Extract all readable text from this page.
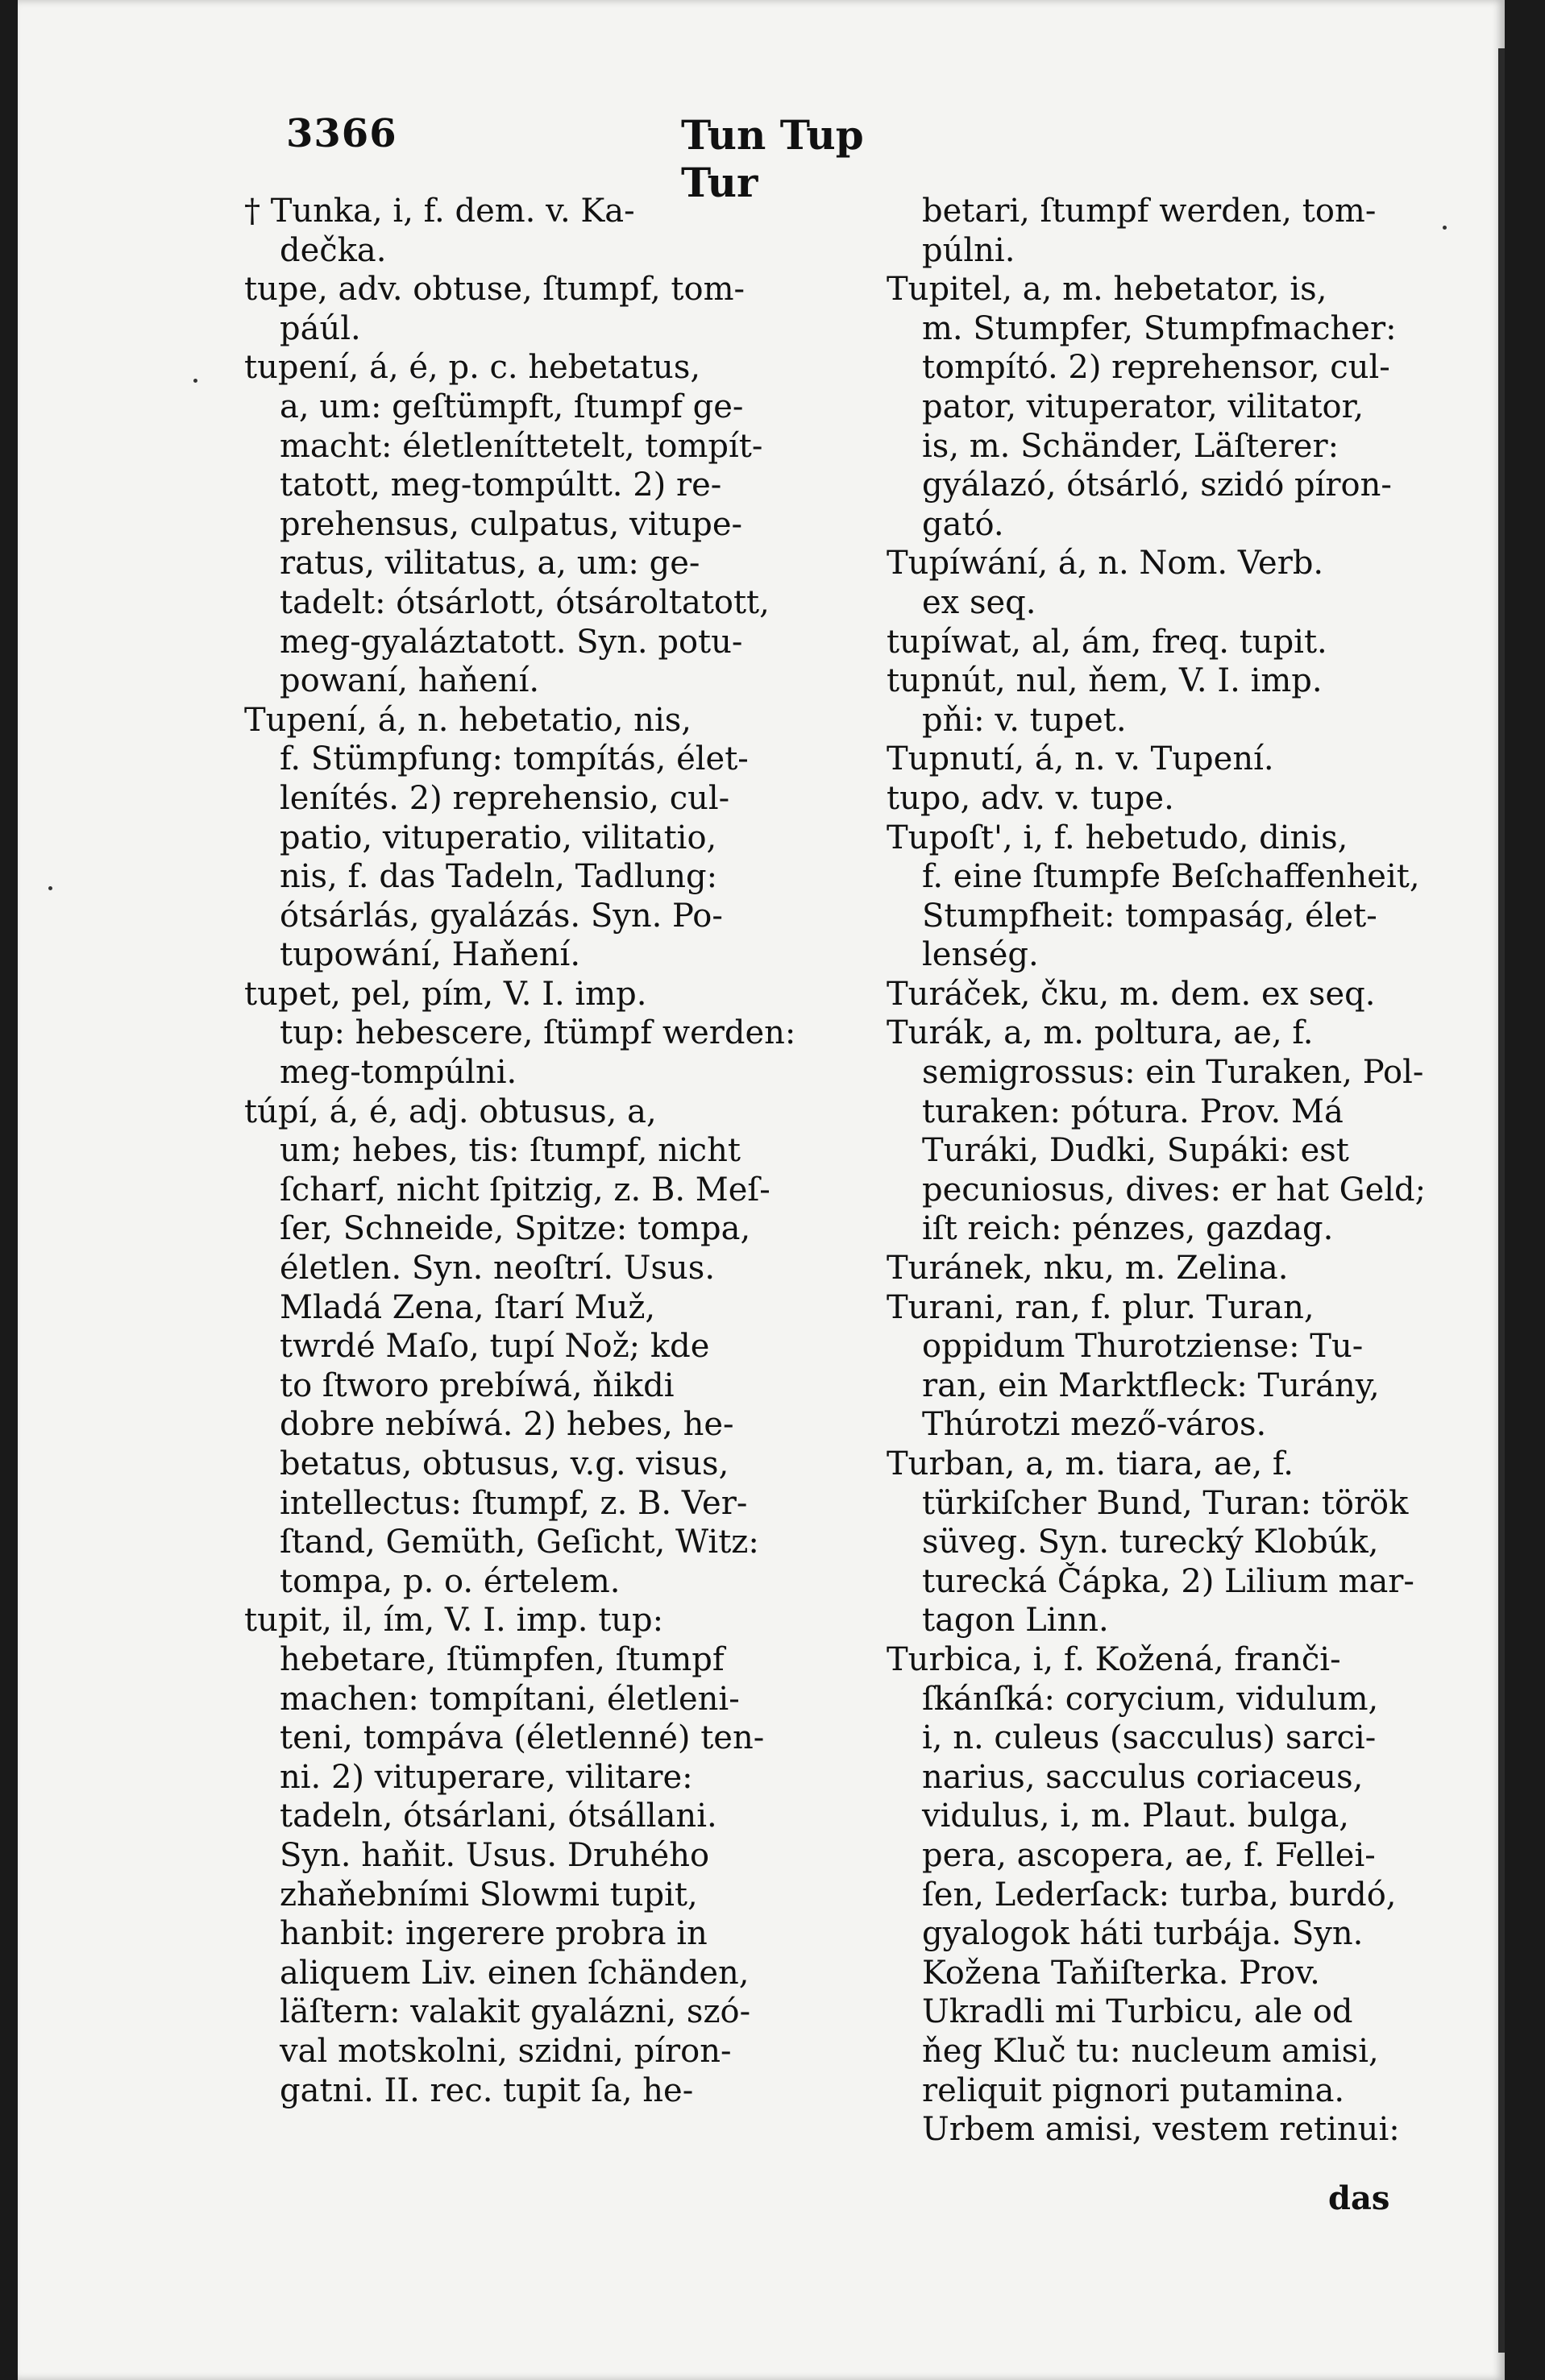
3366	Tun Tup Tur
† Tunka, i, f. dem. v. Ka-
dečka.
tupe, adv. obtuse, ſtumpf, tom-
páúl.
tupení, á, é, p. c. hebetatus,
a, um: geſtümpft, ſtumpf ge-
macht: életleníttetelt, tompít-
tatott, meg-tompúltt. 2) re-
prehensus, culpatus, vitupe-
ratus, vilitatus, a, um: ge-
tadelt: ótsárlott, ótsároltatott,
meg-gyaláztatott. Syn. potu-
powaní, haňení.
Tupení, á, n. hebetatio, nis,
f. Stümpfung: tompítás, élet-
lenítés. 2) reprehensio, cul-
patio, vituperatio, vilitatio,
nis, f. das Tadeln, Tadlung:
ótsárlás, gyalázás. Syn. Po-
tupowání, Haňení.
tupet, pel, pím, V. I. imp.
tup: hebescere, ſtümpf werden:
meg-tompúlni.
túpí, á, é, adj. obtusus, a,
um; hebes, tis: ſtumpf, nicht
ſcharf, nicht ſpitzig, z. B. Meſ-
ſer, Schneide, Spitze: tompa,
életlen. Syn. neoſtrí. Usus.
Mladá Zena, ſtarí Muž,
twrdé Maſo, tupí Nož; kde
to ſtworo prebíwá, ňikdi
dobre nebíwá. 2) hebes, he-
betatus, obtusus, v.g. visus,
intellectus: ſtumpf, z. B. Ver-
ſtand, Gemüth, Geſicht, Witz:
tompa, p. o. értelem.
tupit, il, ím, V. I. imp. tup:
hebetare, ſtümpfen, ſtumpf
machen: tompítani, életleni-
teni, tompáva (életlenné) ten-
ni. 2) vituperare, vilitare:
tadeln, ótsárlani, ótsállani.
Syn. haňit. Usus. Druhého
zhaňebními Slowmi tupit,
hanbit: ingerere probra in
aliquem Liv. einen ſchänden,
läſtern: valakit gyalázni, szó-
val motskolni, szidni, píron-
gatni. II. rec. tupit ſa, he-
betari, ſtumpf werden, tom-
púlni.
Tupitel, a, m. hebetator, is,
m. Stumpfer, Stumpfmacher:
tompító. 2) reprehensor, cul-
pator, vituperator, vilitator,
is, m. Schänder, Läſterer:
gyálazó, ótsárló, szidó píron-
gató.
Tupíwání, á, n. Nom. Verb.
ex seq.
tupíwat, al, ám, freq. tupit.
tupnút, nul, ňem, V. I. imp.
pňi: v. tupet.
Tupnutí, á, n. v. Tupení.
tupo, adv. v. tupe.
Tupoſt', i, f. hebetudo, dinis,
f. eine ſtumpfe Beſchaffenheit,
Stumpfheit: tompaság, élet-
lenség.
Turáček, čku, m. dem. ex seq.
Turák, a, m. poltura, ae, f.
semigrossus: ein Turaken, Pol-
turaken: pótura. Prov. Má
Turáki, Dudki, Supáki: est
pecuniosus, dives: er hat Geld;
iſt reich: pénzes, gazdag.
Turánek, nku, m. Zelina.
Turani, ran, f. plur. Turan,
oppidum Thurotziense: Tu-
ran, ein Marktfleck: Turány,
Thúrotzi mező-város.
Turban, a, m. tiara, ae, f.
türkiſcher Bund, Turan: török
süveg. Syn. turecký Klobúk,
turecká Čápka, 2) Lilium mar-
tagon Linn.
Turbica, i, f. Kožená, franči-
ſkánſká: corycium, vidulum,
i, n. culeus (sacculus) sarci-
narius, sacculus coriaceus,
vidulus, i, m. Plaut. bulga,
pera, ascopera, ae, f. Fellei-
ſen, Lederſack: turba, burdó,
gyalogok háti turbája. Syn.
Kožena Taňiſterka. Prov.
Ukradli mi Turbicu, ale od
ňeg Kluč tu: nucleum amisi,
reliquit pignori putamina.
Urbem amisi, vestem retinui:
das
